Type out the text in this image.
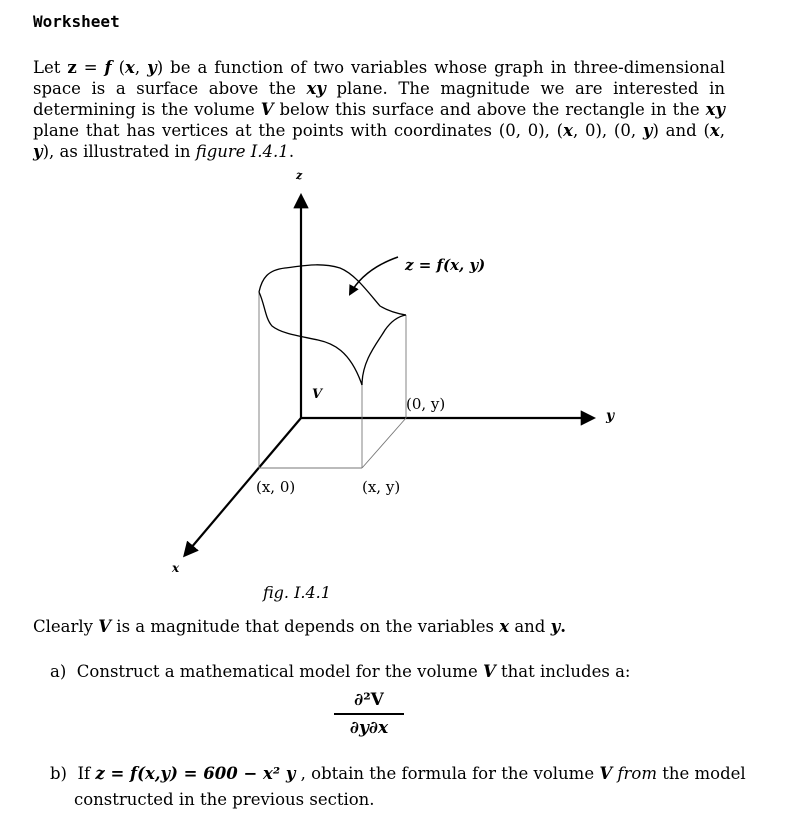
Worksheet
Let z = f (x, y) be a function of two variables whose graph in three-dimensional space is a surface above the xy plane. The magnitude we are interested in determining is the volume V below this surface and above the rectangle in the xy plane that has vertices at the points with coordinates (0, 0), (x, 0), (0, y) and (x, y), as illustrated in figure I.4.1.
z
y
x
z = f(x, y)
V
(0, y)
(x, 0)	(x, y)
fig. I.4.1
Clearly V is a magnitude that depends on the variables x and y.
a) Construct a mathematical model for the volume V that includes a:
∂²V
∂y∂x
b) If z = f(x,y) = 600 − x² y , obtain the formula for the volume V from the model
constructed in the previous section.
